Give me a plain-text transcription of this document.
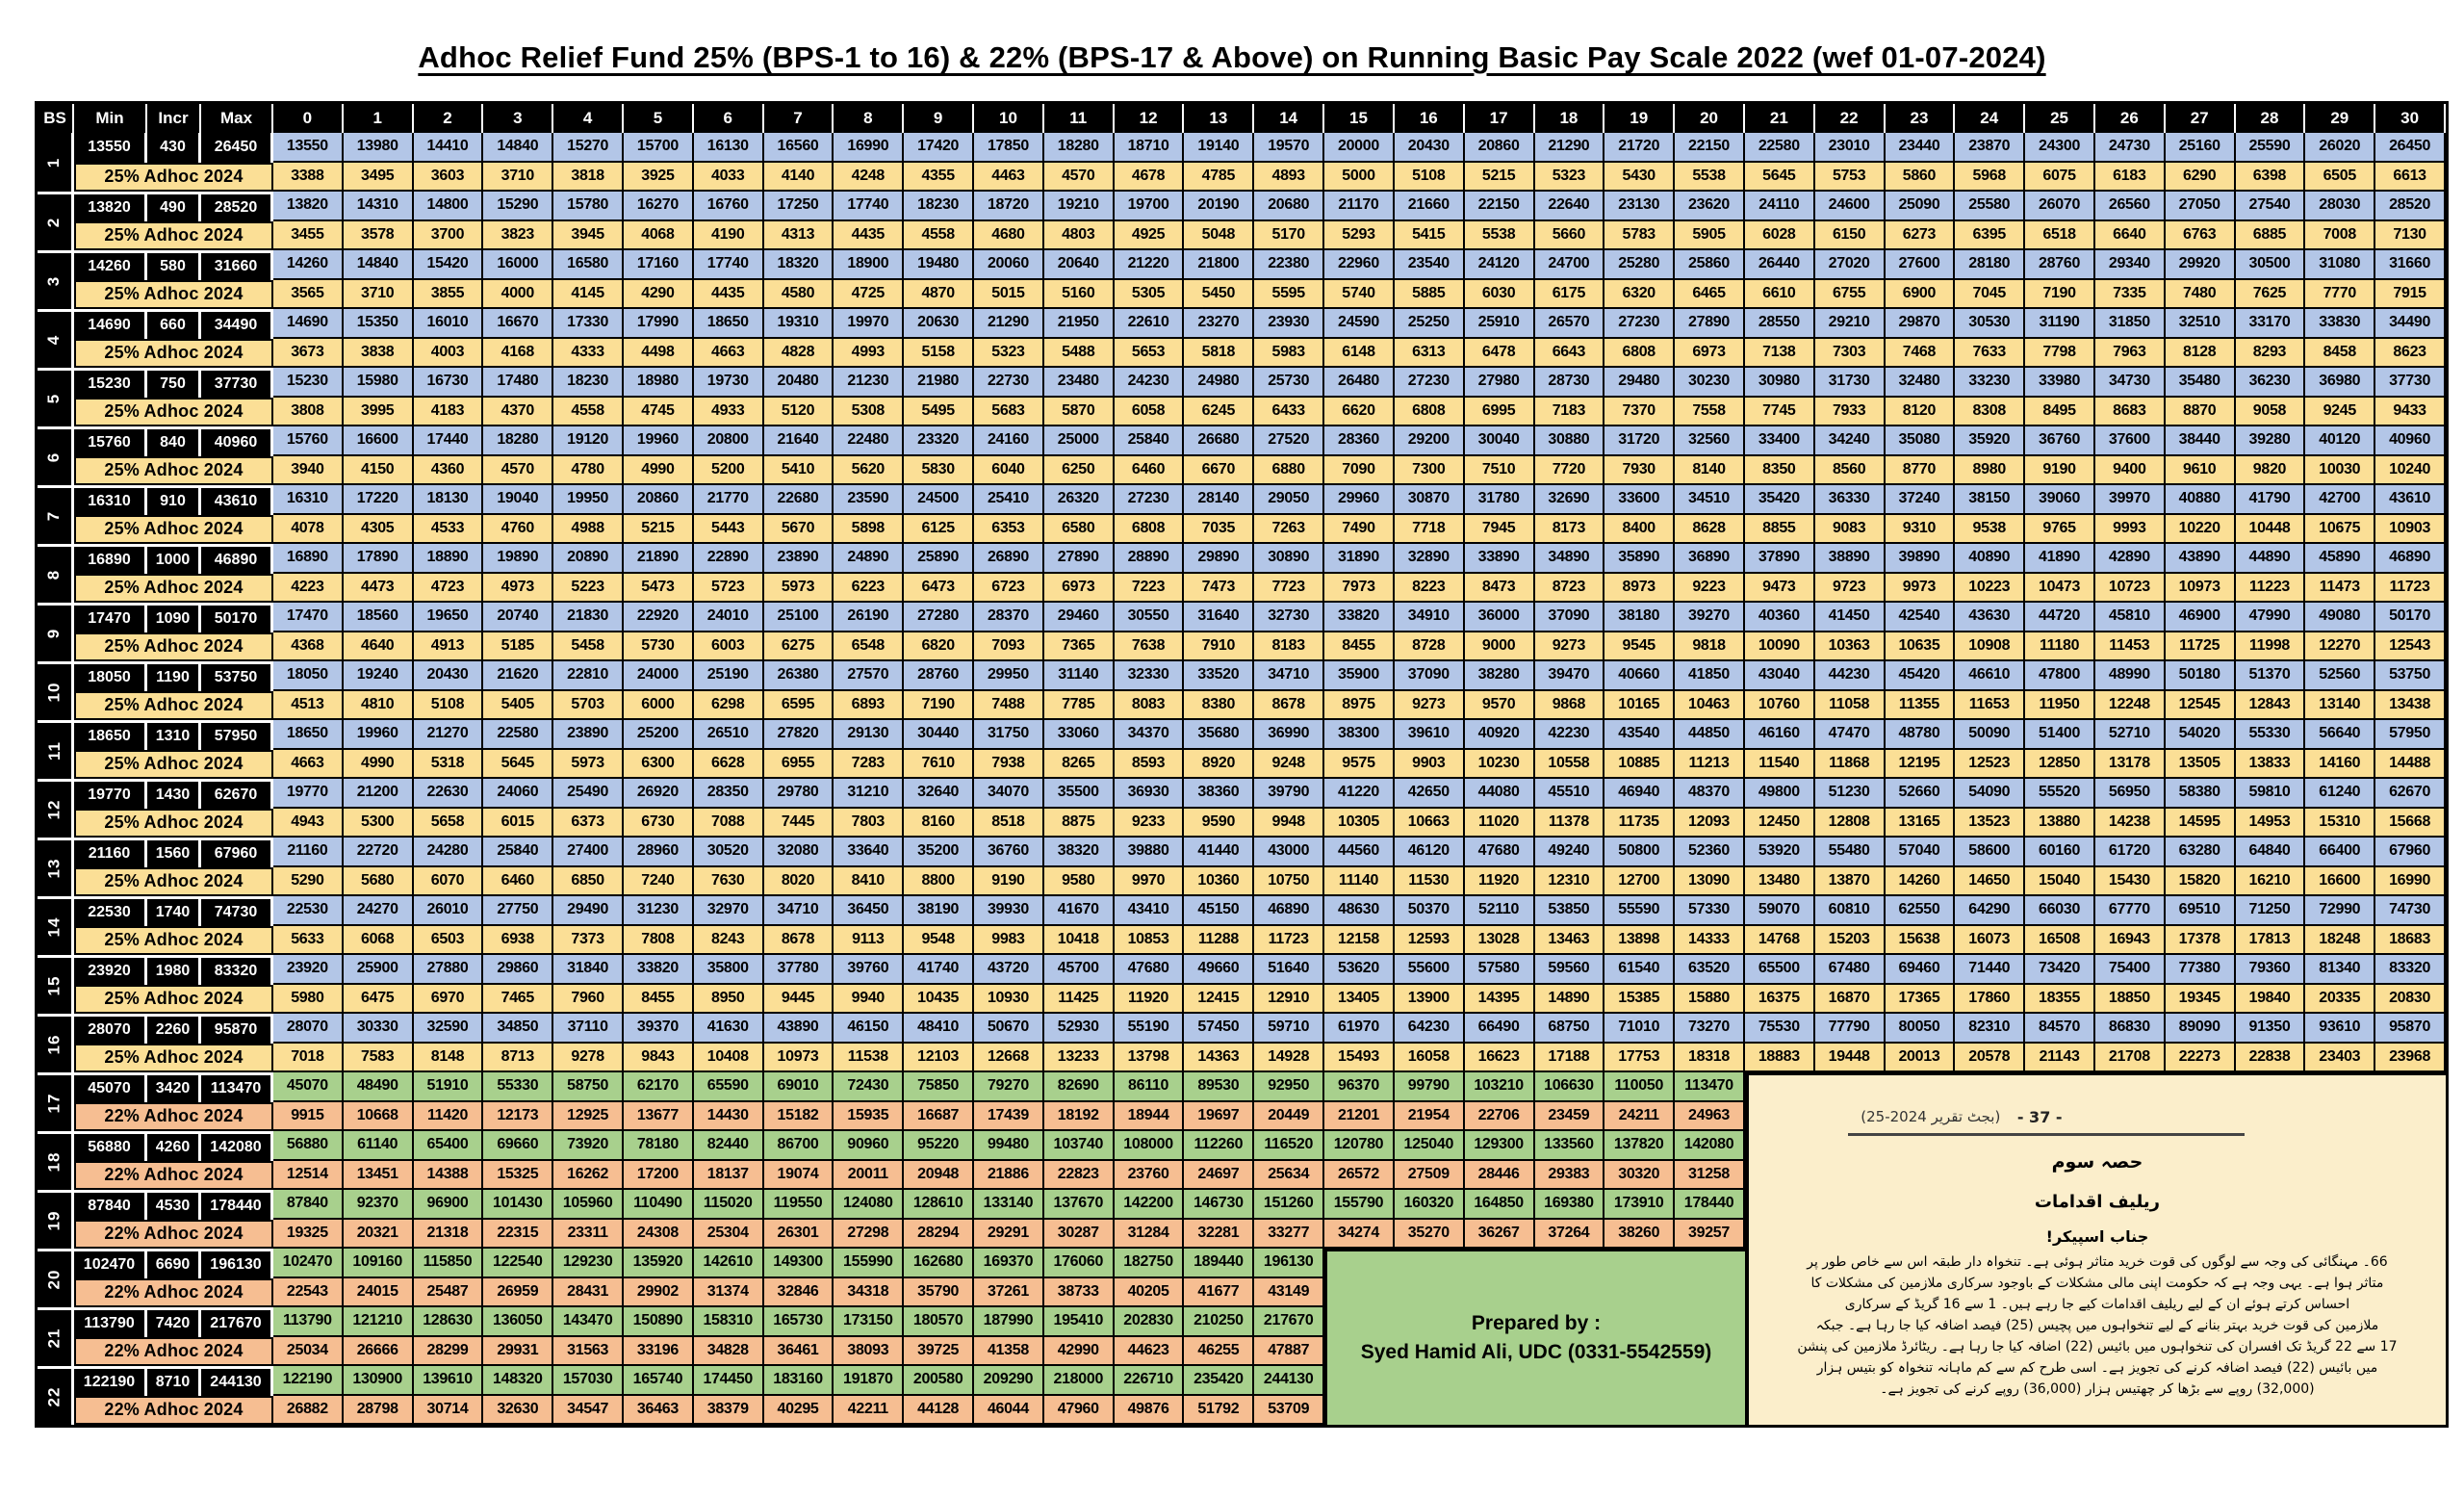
Adhoc Relief Fund 25% (BPS-1 to 16) & 22% (BPS-17 & Above) on Running Basic Pay Scale 2022 (wef 01-07-2024)
BS	Min	Incr	Max
Prepared by :
Syed Hamid Ali, UDC (0331-5542559)
(بجٹ تقریر 2024-25)	- 37 -
حصہ سوم
ریلیف اقدامات
جناب اسپیکر!
66۔ مہنگائی کی وجہ سے لوگوں کی قوت خرید متاثر ہوئی ہے۔ تنخواہ دار طبقہ اس سے خاص طور پر
متاثر ہوا ہے۔ یہی وجہ ہے کہ حکومت اپنی مالی مشکلات کے باوجود سرکاری ملازمین کی مشکلات کا
احساس کرتے ہوئے ان کے لیے ریلیف اقدامات کیے جا رہے ہیں۔ 1 سے 16 گریڈ کے سرکاری
ملازمین کی قوت خرید بہتر بنانے کے لیے تنخواہوں میں پچیس (25) فیصد اضافہ کیا جا رہا ہے۔ جبکہ
17 سے 22 گریڈ تک افسران کی تنخواہوں میں بائیس (22) اضافہ کیا جا رہا ہے۔ ریٹائرڈ ملازمین کی پنشن
میں بائیس (22) فیصد اضافہ کرنے کی تجویز ہے۔ اسی طرح کم سے کم ماہانہ تنخواہ کو بتیس ہزار
(32,000) روپے سے بڑھا کر چھتیس ہزار (36,000) روپے کرنے کی تجویز ہے۔
0	1	2	3	4	5	6	7	8	9	10	11	12	13	14	15	16	17	18	19	20	21	22	23	24	25	26	27	28	29	30
1
13550	430	26450	13550	13980	14410	14840	15270	15700	16130	16560	16990	17420	17850	18280	18710	19140	19570	20000	20430	20860	21290	21720	22150	22580	23010	23440	23870	24300	24730	25160	25590	26020	26450
25% Adhoc 2024	3388	3495	3603	3710	3818	3925	4033	4140	4248	4355	4463	4570	4678	4785	4893	5000	5108	5215	5323	5430	5538	5645	5753	5860	5968	6075	6183	6290	6398	6505	6613
2
13820	490	28520	13820	14310	14800	15290	15780	16270	16760	17250	17740	18230	18720	19210	19700	20190	20680	21170	21660	22150	22640	23130	23620	24110	24600	25090	25580	26070	26560	27050	27540	28030	28520
25% Adhoc 2024	3455	3578	3700	3823	3945	4068	4190	4313	4435	4558	4680	4803	4925	5048	5170	5293	5415	5538	5660	5783	5905	6028	6150	6273	6395	6518	6640	6763	6885	7008	7130
3
14260	580	31660	14260	14840	15420	16000	16580	17160	17740	18320	18900	19480	20060	20640	21220	21800	22380	22960	23540	24120	24700	25280	25860	26440	27020	27600	28180	28760	29340	29920	30500	31080	31660
25% Adhoc 2024	3565	3710	3855	4000	4145	4290	4435	4580	4725	4870	5015	5160	5305	5450	5595	5740	5885	6030	6175	6320	6465	6610	6755	6900	7045	7190	7335	7480	7625	7770	7915
4
14690	660	34490	14690	15350	16010	16670	17330	17990	18650	19310	19970	20630	21290	21950	22610	23270	23930	24590	25250	25910	26570	27230	27890	28550	29210	29870	30530	31190	31850	32510	33170	33830	34490
25% Adhoc 2024	3673	3838	4003	4168	4333	4498	4663	4828	4993	5158	5323	5488	5653	5818	5983	6148	6313	6478	6643	6808	6973	7138	7303	7468	7633	7798	7963	8128	8293	8458	8623
5
15230	750	37730	15230	15980	16730	17480	18230	18980	19730	20480	21230	21980	22730	23480	24230	24980	25730	26480	27230	27980	28730	29480	30230	30980	31730	32480	33230	33980	34730	35480	36230	36980	37730
25% Adhoc 2024	3808	3995	4183	4370	4558	4745	4933	5120	5308	5495	5683	5870	6058	6245	6433	6620	6808	6995	7183	7370	7558	7745	7933	8120	8308	8495	8683	8870	9058	9245	9433
6
15760	840	40960	15760	16600	17440	18280	19120	19960	20800	21640	22480	23320	24160	25000	25840	26680	27520	28360	29200	30040	30880	31720	32560	33400	34240	35080	35920	36760	37600	38440	39280	40120	40960
25% Adhoc 2024	3940	4150	4360	4570	4780	4990	5200	5410	5620	5830	6040	6250	6460	6670	6880	7090	7300	7510	7720	7930	8140	8350	8560	8770	8980	9190	9400	9610	9820	10030	10240
7
16310	910	43610	16310	17220	18130	19040	19950	20860	21770	22680	23590	24500	25410	26320	27230	28140	29050	29960	30870	31780	32690	33600	34510	35420	36330	37240	38150	39060	39970	40880	41790	42700	43610
25% Adhoc 2024	4078	4305	4533	4760	4988	5215	5443	5670	5898	6125	6353	6580	6808	7035	7263	7490	7718	7945	8173	8400	8628	8855	9083	9310	9538	9765	9993	10220	10448	10675	10903
8
16890	1000	46890	16890	17890	18890	19890	20890	21890	22890	23890	24890	25890	26890	27890	28890	29890	30890	31890	32890	33890	34890	35890	36890	37890	38890	39890	40890	41890	42890	43890	44890	45890	46890
25% Adhoc 2024	4223	4473	4723	4973	5223	5473	5723	5973	6223	6473	6723	6973	7223	7473	7723	7973	8223	8473	8723	8973	9223	9473	9723	9973	10223	10473	10723	10973	11223	11473	11723
9
17470	1090	50170	17470	18560	19650	20740	21830	22920	24010	25100	26190	27280	28370	29460	30550	31640	32730	33820	34910	36000	37090	38180	39270	40360	41450	42540	43630	44720	45810	46900	47990	49080	50170
25% Adhoc 2024	4368	4640	4913	5185	5458	5730	6003	6275	6548	6820	7093	7365	7638	7910	8183	8455	8728	9000	9273	9545	9818	10090	10363	10635	10908	11180	11453	11725	11998	12270	12543
10
18050	1190	53750	18050	19240	20430	21620	22810	24000	25190	26380	27570	28760	29950	31140	32330	33520	34710	35900	37090	38280	39470	40660	41850	43040	44230	45420	46610	47800	48990	50180	51370	52560	53750
25% Adhoc 2024	4513	4810	5108	5405	5703	6000	6298	6595	6893	7190	7488	7785	8083	8380	8678	8975	9273	9570	9868	10165	10463	10760	11058	11355	11653	11950	12248	12545	12843	13140	13438
11
18650	1310	57950	18650	19960	21270	22580	23890	25200	26510	27820	29130	30440	31750	33060	34370	35680	36990	38300	39610	40920	42230	43540	44850	46160	47470	48780	50090	51400	52710	54020	55330	56640	57950
25% Adhoc 2024	4663	4990	5318	5645	5973	6300	6628	6955	7283	7610	7938	8265	8593	8920	9248	9575	9903	10230	10558	10885	11213	11540	11868	12195	12523	12850	13178	13505	13833	14160	14488
12
19770	1430	62670	19770	21200	22630	24060	25490	26920	28350	29780	31210	32640	34070	35500	36930	38360	39790	41220	42650	44080	45510	46940	48370	49800	51230	52660	54090	55520	56950	58380	59810	61240	62670
25% Adhoc 2024	4943	5300	5658	6015	6373	6730	7088	7445	7803	8160	8518	8875	9233	9590	9948	10305	10663	11020	11378	11735	12093	12450	12808	13165	13523	13880	14238	14595	14953	15310	15668
13
21160	1560	67960	21160	22720	24280	25840	27400	28960	30520	32080	33640	35200	36760	38320	39880	41440	43000	44560	46120	47680	49240	50800	52360	53920	55480	57040	58600	60160	61720	63280	64840	66400	67960
25% Adhoc 2024	5290	5680	6070	6460	6850	7240	7630	8020	8410	8800	9190	9580	9970	10360	10750	11140	11530	11920	12310	12700	13090	13480	13870	14260	14650	15040	15430	15820	16210	16600	16990
14
22530	1740	74730	22530	24270	26010	27750	29490	31230	32970	34710	36450	38190	39930	41670	43410	45150	46890	48630	50370	52110	53850	55590	57330	59070	60810	62550	64290	66030	67770	69510	71250	72990	74730
25% Adhoc 2024	5633	6068	6503	6938	7373	7808	8243	8678	9113	9548	9983	10418	10853	11288	11723	12158	12593	13028	13463	13898	14333	14768	15203	15638	16073	16508	16943	17378	17813	18248	18683
15
23920	1980	83320	23920	25900	27880	29860	31840	33820	35800	37780	39760	41740	43720	45700	47680	49660	51640	53620	55600	57580	59560	61540	63520	65500	67480	69460	71440	73420	75400	77380	79360	81340	83320
25% Adhoc 2024	5980	6475	6970	7465	7960	8455	8950	9445	9940	10435	10930	11425	11920	12415	12910	13405	13900	14395	14890	15385	15880	16375	16870	17365	17860	18355	18850	19345	19840	20335	20830
16
28070	2260	95870	28070	30330	32590	34850	37110	39370	41630	43890	46150	48410	50670	52930	55190	57450	59710	61970	64230	66490	68750	71010	73270	75530	77790	80050	82310	84570	86830	89090	91350	93610	95870
25% Adhoc 2024	7018	7583	8148	8713	9278	9843	10408	10973	11538	12103	12668	13233	13798	14363	14928	15493	16058	16623	17188	17753	18318	18883	19448	20013	20578	21143	21708	22273	22838	23403	23968
17
45070	3420	113470	45070	48490	51910	55330	58750	62170	65590	69010	72430	75850	79270	82690	86110	89530	92950	96370	99790	103210	106630	110050	113470
22% Adhoc 2024	9915	10668	11420	12173	12925	13677	14430	15182	15935	16687	17439	18192	18944	19697	20449	21201	21954	22706	23459	24211	24963
18
56880	4260	142080	56880	61140	65400	69660	73920	78180	82440	86700	90960	95220	99480	103740	108000	112260	116520	120780	125040	129300	133560	137820	142080
22% Adhoc 2024	12514	13451	14388	15325	16262	17200	18137	19074	20011	20948	21886	22823	23760	24697	25634	26572	27509	28446	29383	30320	31258
19
87840	4530	178440	87840	92370	96900	101430	105960	110490	115020	119550	124080	128610	133140	137670	142200	146730	151260	155790	160320	164850	169380	173910	178440
22% Adhoc 2024	19325	20321	21318	22315	23311	24308	25304	26301	27298	28294	29291	30287	31284	32281	33277	34274	35270	36267	37264	38260	39257
20
102470	6690	196130	102470	109160	115850	122540	129230	135920	142610	149300	155990	162680	169370	176060	182750	189440	196130
22% Adhoc 2024	22543	24015	25487	26959	28431	29902	31374	32846	34318	35790	37261	38733	40205	41677	43149
21
113790	7420	217670	113790	121210	128630	136050	143470	150890	158310	165730	173150	180570	187990	195410	202830	210250	217670
22% Adhoc 2024	25034	26666	28299	29931	31563	33196	34828	36461	38093	39725	41358	42990	44623	46255	47887
22
122190	8710	244130	122190	130900	139610	148320	157030	165740	174450	183160	191870	200580	209290	218000	226710	235420	244130
22% Adhoc 2024	26882	28798	30714	32630	34547	36463	38379	40295	42211	44128	46044	47960	49876	51792	53709
